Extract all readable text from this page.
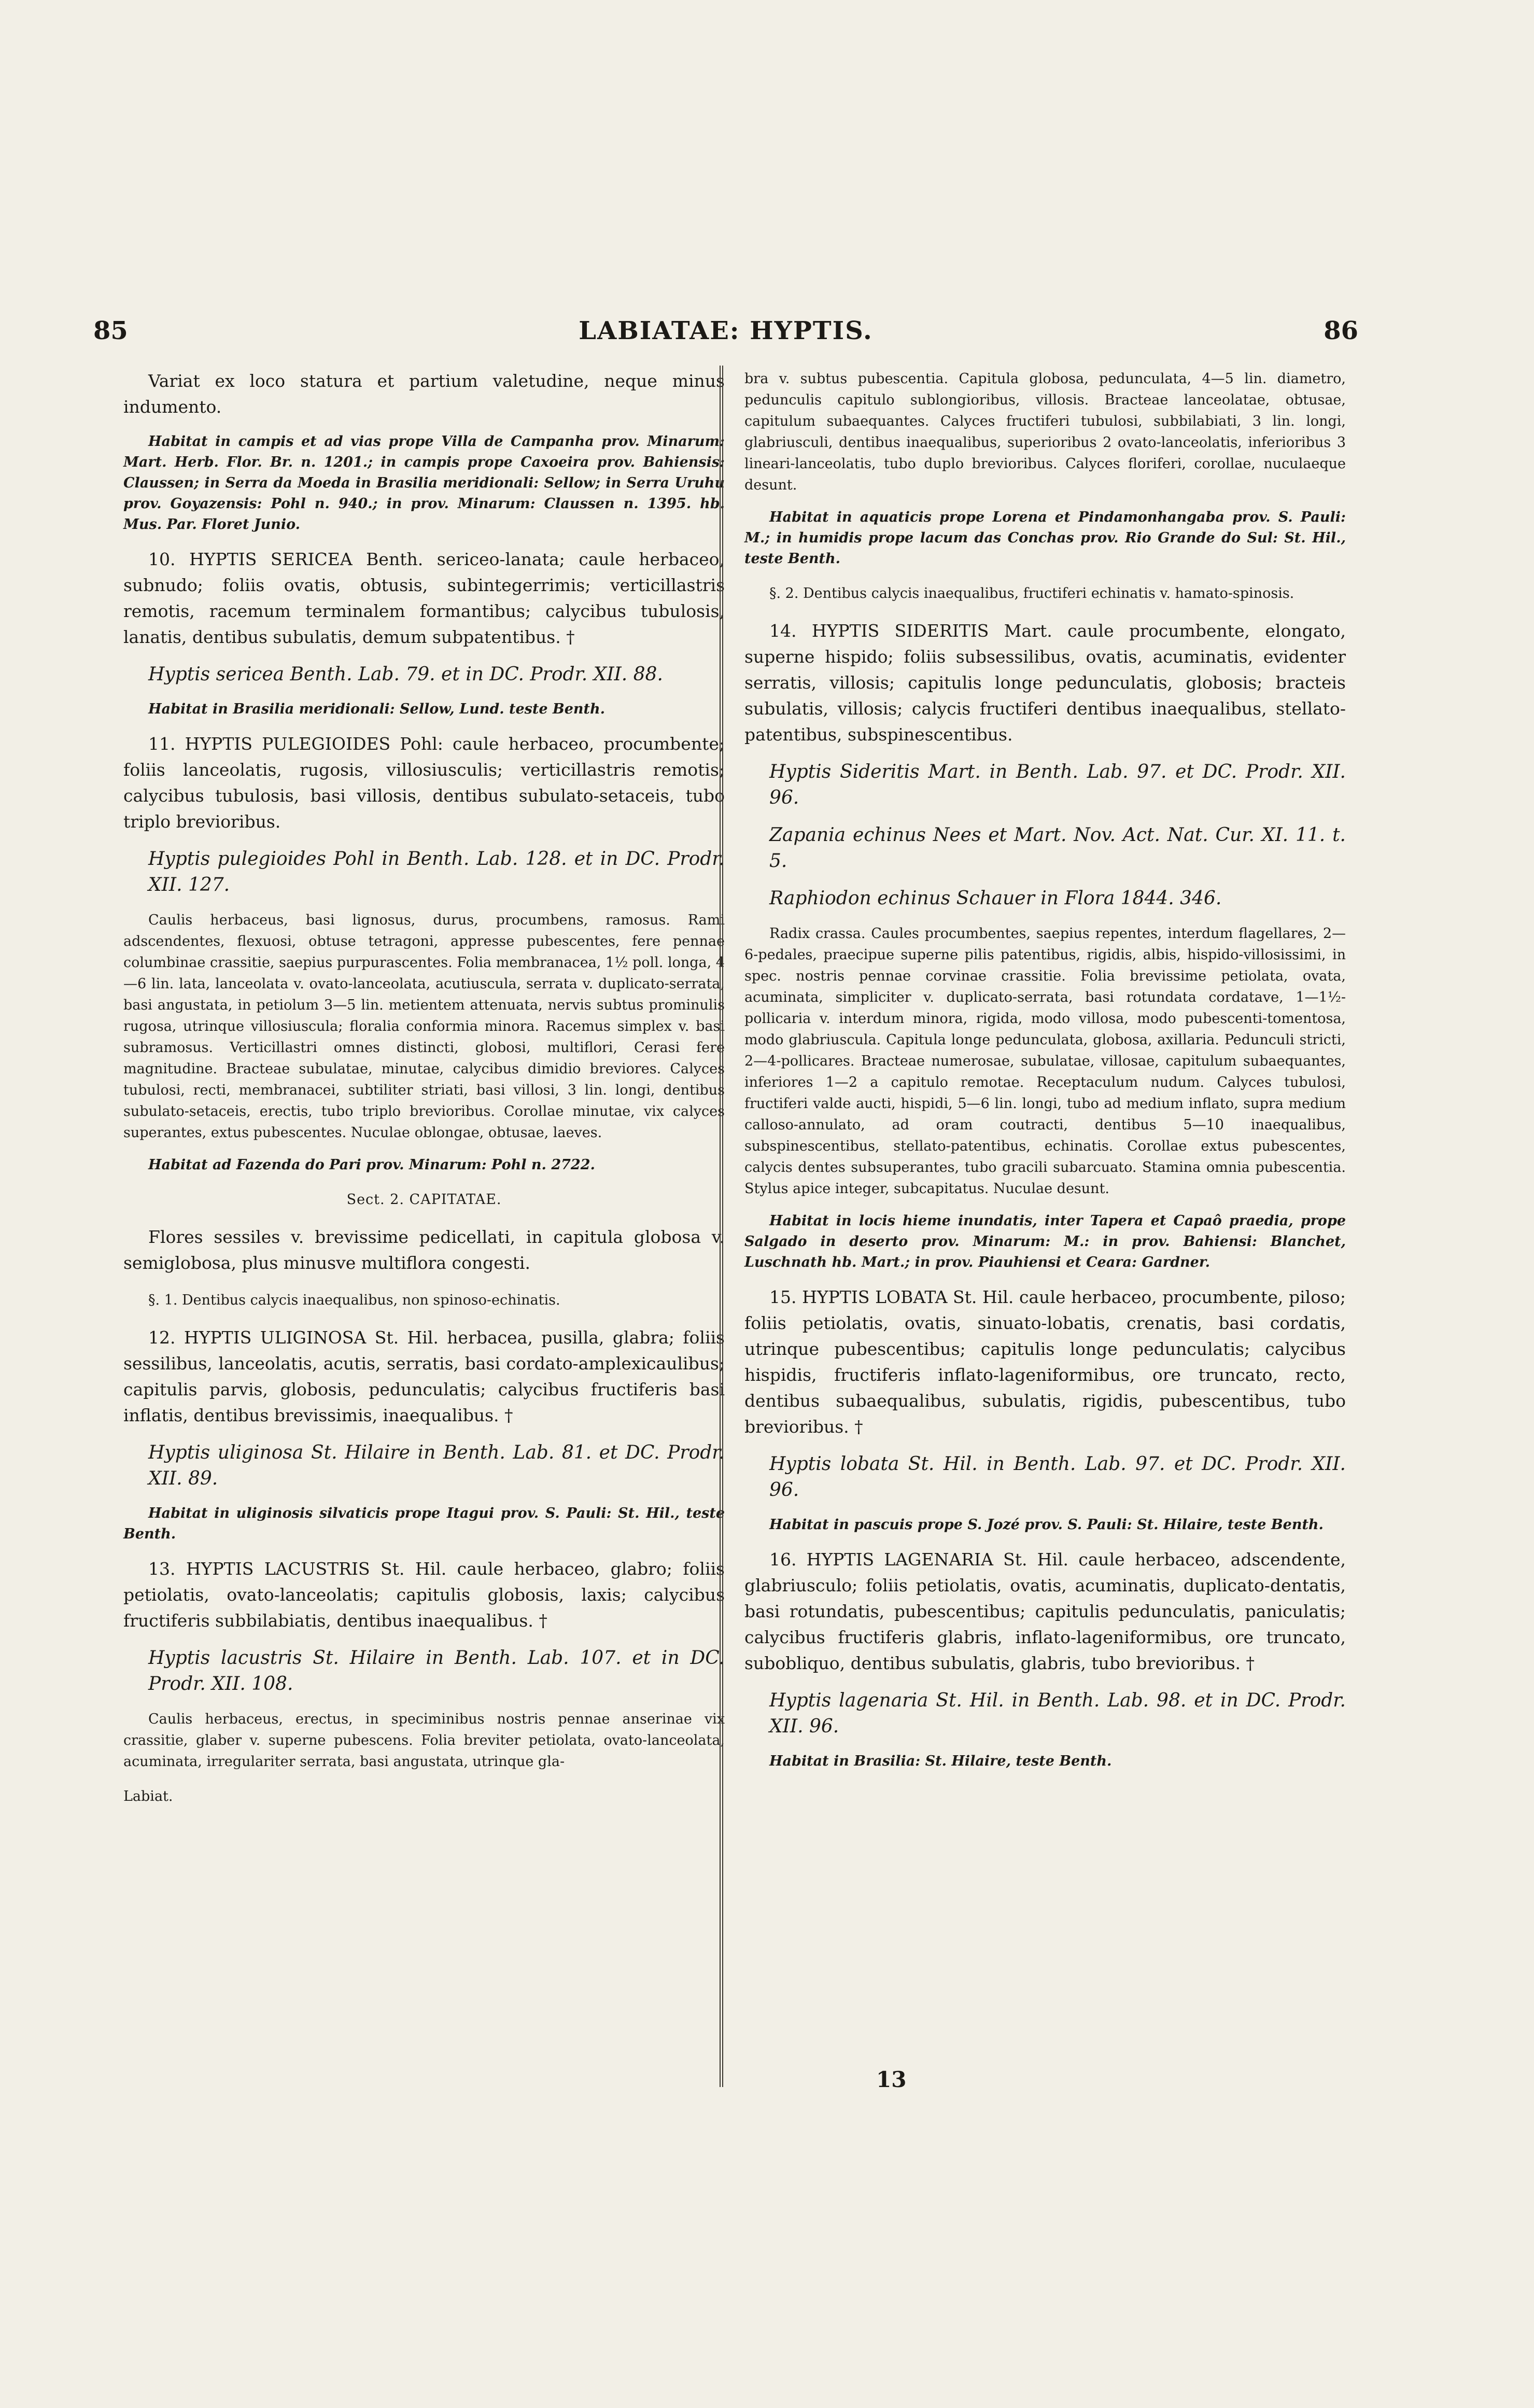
85	LABIATAE: HYPTIS.	86

Variat ex loco statura et partium valetudine, neque minus indumento.

Habitat in campis et ad vias prope Villa de Campanha prov. Minarum: Mart. Herb. Flor. Br. n. 1201.; in campis prope Caxoeira prov. Bahiensis: Claussen; in Serra da Moeda in Brasilia meridionali: Sellow; in Serra Uruhu prov. Goyazensis: Pohl n. 940.; in prov. Minarum: Claussen n. 1395. hb. Mus. Par. Floret Junio.

10. HYPTIS SERICEA Benth. sericeo-lanata; caule herbaceo, subnudo; foliis ovatis, obtusis, subintegerrimis; verticillastris remotis, racemum terminalem formantibus; calycibus tubulosis, lanatis, dentibus subulatis, demum subpatentibus. †

Hyptis sericea Benth. Lab. 79. et in DC. Prodr. XII. 88.

Habitat in Brasilia meridionali: Sellow, Lund. teste Benth.

11. HYPTIS PULEGIOIDES Pohl: caule herbaceo, procumbente; foliis lanceolatis, rugosis, villosiusculis; verticillastris remotis; calycibus tubulosis, basi villosis, dentibus subulato-setaceis, tubo triplo brevioribus.

Hyptis pulegioides Pohl in Benth. Lab. 128. et in DC. Prodr. XII. 127.

Caulis herbaceus, basi lignosus, durus, procumbens, ramosus. Rami adscendentes, flexuosi, obtuse tetragoni, appresse pubescentes, fere pennae columbinae crassitie, saepius purpurascentes. Folia membranacea, 1½ poll. longa, 4—6 lin. lata, lanceolata v. ovato-lanceolata, acutiuscula, serrata v. duplicato-serrata, basi angustata, in petiolum 3—5 lin. metientem attenuata, nervis subtus prominulis rugosa, utrinque villosiuscula; floralia conformia minora. Racemus simplex v. basi subramosus. Verticillastri omnes distincti, globosi, multiflori, Cerasi fere magnitudine. Bracteae subulatae, minutae, calycibus dimidio breviores. Calyces tubulosi, recti, membranacei, subtiliter striati, basi villosi, 3 lin. longi, dentibus subulato-setaceis, erectis, tubo triplo brevioribus. Corollae minutae, vix calyces superantes, extus pubescentes. Nuculae oblongae, obtusae, laeves.

Habitat ad Fazenda do Pari prov. Minarum: Pohl n. 2722.

Sect. 2. CAPITATAE.

Flores sessiles v. brevissime pedicellati, in capitula globosa v. semiglobosa, plus minusve multiflora congesti.

§. 1. Dentibus calycis inaequalibus, non spinoso-echinatis.

12. HYPTIS ULIGINOSA St. Hil. herbacea, pusilla, glabra; foliis sessilibus, lanceolatis, acutis, serratis, basi cordato-amplexicaulibus; capitulis parvis, globosis, pedunculatis; calycibus fructiferis basi inflatis, dentibus brevissimis, inaequalibus. †

Hyptis uliginosa St. Hilaire in Benth. Lab. 81. et DC. Prodr. XII. 89.

Habitat in uliginosis silvaticis prope Itagui prov. S. Pauli: St. Hil., teste Benth.

13. HYPTIS LACUSTRIS St. Hil. caule herbaceo, glabro; foliis petiolatis, ovato-lanceolatis; capitulis globosis, laxis; calycibus fructiferis subbilabiatis, dentibus inaequalibus. †

Hyptis lacustris St. Hilaire in Benth. Lab. 107. et in DC. Prodr. XII. 108.

Caulis herbaceus, erectus, in speciminibus nostris pennae anserinae vix crassitie, glaber v. superne pubescens. Folia breviter petiolata, ovato-lanceolata, acuminata, irregulariter serrata, basi angustata, utrinque gla-

Labiat.

bra v. subtus pubescentia. Capitula globosa, pedunculata, 4—5 lin. diametro, pedunculis capitulo sublongioribus, villosis. Bracteae lanceolatae, obtusae, capitulum subaequantes. Calyces fructiferi tubulosi, subbilabiati, 3 lin. longi, glabriusculi, dentibus inaequalibus, superioribus 2 ovato-lanceolatis, inferioribus 3 lineari-lanceolatis, tubo duplo brevioribus. Calyces floriferi, corollae, nuculaeque desunt.

Habitat in aquaticis prope Lorena et Pindamonhangaba prov. S. Pauli: M.; in humidis prope lacum das Conchas prov. Rio Grande do Sul: St. Hil., teste Benth.

§. 2. Dentibus calycis inaequalibus, fructiferi echinatis v. hamato-spinosis.

14. HYPTIS SIDERITIS Mart. caule procumbente, elongato, superne hispido; foliis subsessilibus, ovatis, acuminatis, evidenter serratis, villosis; capitulis longe pedunculatis, globosis; bracteis subulatis, villosis; calycis fructiferi dentibus inaequalibus, stellato-patentibus, subspinescentibus.

Hyptis Sideritis Mart. in Benth. Lab. 97. et DC. Prodr. XII. 96.

Zapania echinus Nees et Mart. Nov. Act. Nat. Cur. XI. 11. t. 5.

Raphiodon echinus Schauer in Flora 1844. 346.

Radix crassa. Caules procumbentes, saepius repentes, interdum flagellares, 2—6-pedales, praecipue superne pilis patentibus, rigidis, albis, hispido-villosissimi, in spec. nostris pennae corvinae crassitie. Folia brevissime petiolata, ovata, acuminata, simpliciter v. duplicato-serrata, basi rotundata cordatave, 1—1½-pollicaria v. interdum minora, rigida, modo villosa, modo pubescenti-tomentosa, modo glabriuscula. Capitula longe pedunculata, globosa, axillaria. Pedunculi stricti, 2—4-pollicares. Bracteae numerosae, subulatae, villosae, capitulum subaequantes, inferiores 1—2 a capitulo remotae. Receptaculum nudum. Calyces tubulosi, fructiferi valde aucti, hispidi, 5—6 lin. longi, tubo ad medium inflato, supra medium calloso-annulato, ad oram coutracti, dentibus 5—10 inaequalibus, subspinescentibus, stellato-patentibus, echinatis. Corollae extus pubescentes, calycis dentes subsuperantes, tubo gracili subarcuato. Stamina omnia pubescentia. Stylus apice integer, subcapitatus. Nuculae desunt.

Habitat in locis hieme inundatis, inter Tapera et Capaô praedia, prope Salgado in deserto prov. Minarum: M.: in prov. Bahiensi: Blanchet, Luschnath hb. Mart.; in prov. Piauhiensi et Ceara: Gardner.

15. HYPTIS LOBATA St. Hil. caule herbaceo, procumbente, piloso; foliis petiolatis, ovatis, sinuato-lobatis, crenatis, basi cordatis, utrinque pubescentibus; capitulis longe pedunculatis; calycibus hispidis, fructiferis inflato-lageniformibus, ore truncato, recto, dentibus subaequalibus, subulatis, rigidis, pubescentibus, tubo brevioribus. †

Hyptis lobata St. Hil. in Benth. Lab. 97. et DC. Prodr. XII. 96.

Habitat in pascuis prope S. Jozé prov. S. Pauli: St. Hilaire, teste Benth.

16. HYPTIS LAGENARIA St. Hil. caule herbaceo, adscendente, glabriusculo; foliis petiolatis, ovatis, acuminatis, duplicato-dentatis, basi rotundatis, pubescentibus; capitulis pedunculatis, paniculatis; calycibus fructiferis glabris, inflato-lageniformibus, ore truncato, subobliquo, dentibus subulatis, glabris, tubo brevioribus. †

Hyptis lagenaria St. Hil. in Benth. Lab. 98. et in DC. Prodr. XII. 96.

Habitat in Brasilia: St. Hilaire, teste Benth.

13
